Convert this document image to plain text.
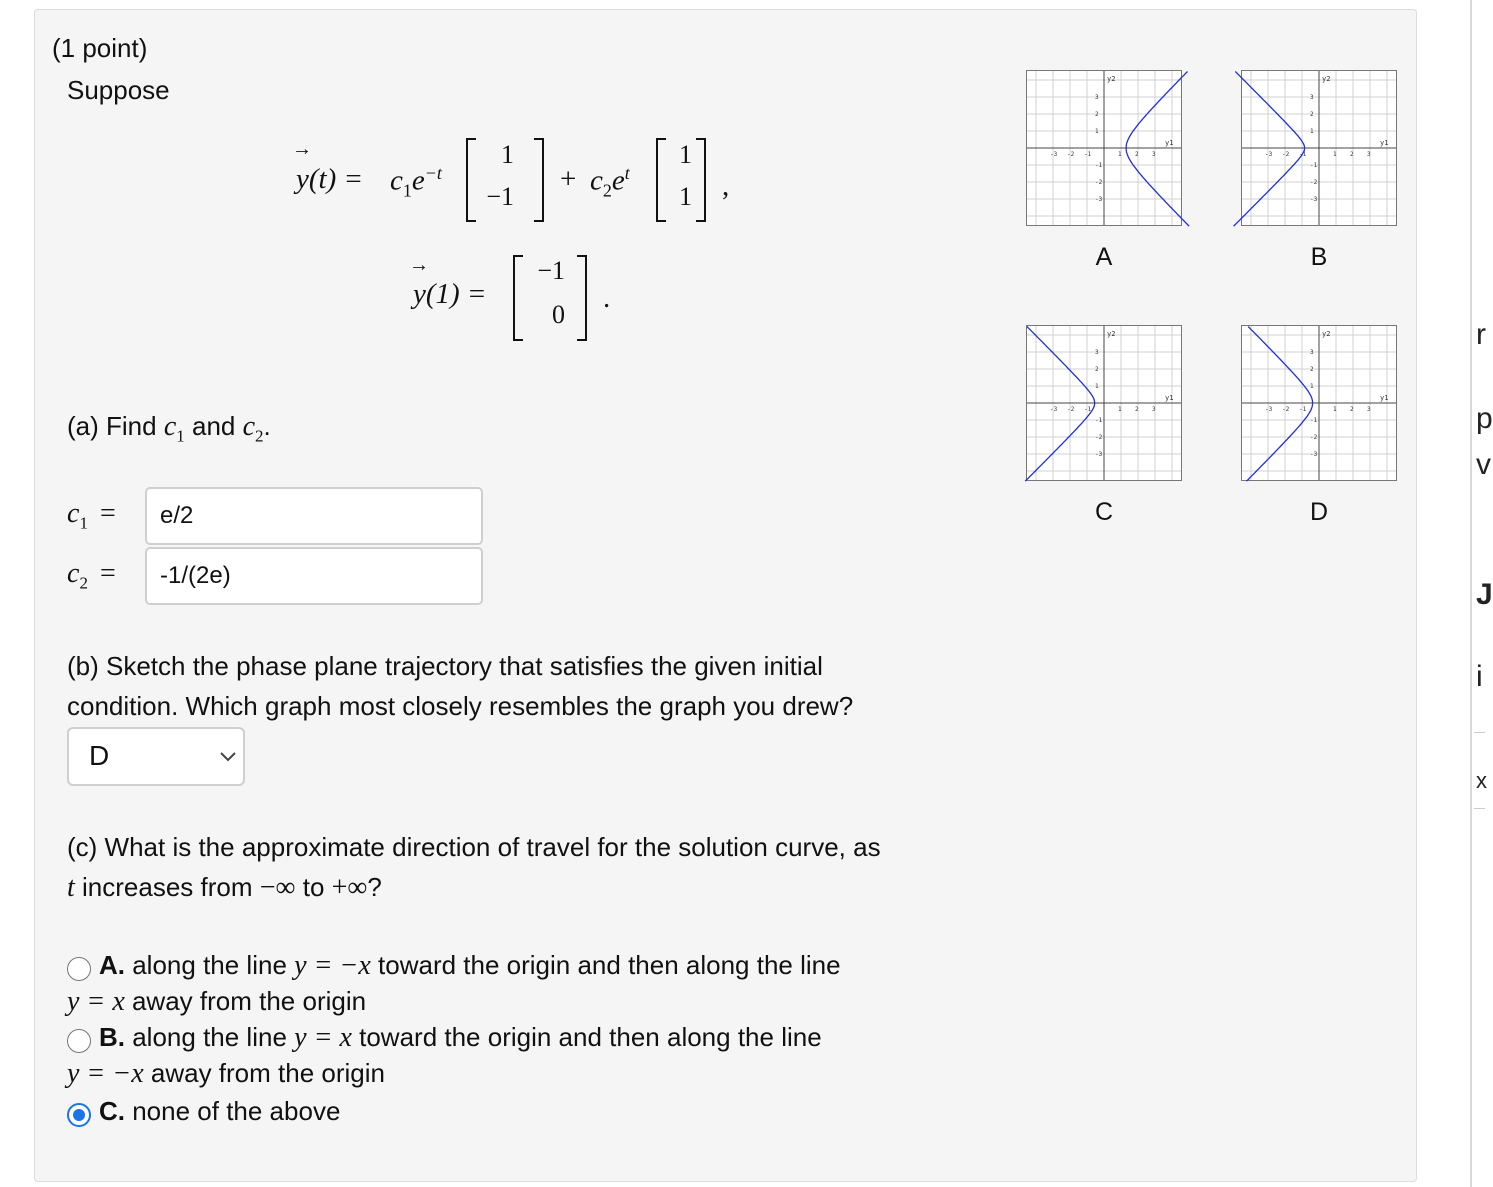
(1 point)
Suppose
→
$y(t) = c_1e^{-t}$
1
−1
+ $c_2e^t$
1
1 ,
→
y(1) =
−1
0
.
(a) Find $c_1$ and $c_2$.
$c_1$ =	e/2
$c_2$ =	-1/(2e)
(b) Sketch the phase plane trajectory that satisfies the given initial
condition. Which graph most closely resembles the graph you drew?
D
(c) What is the approximate direction of travel for the solution curve, as
t increases from −∞ to +∞?
A. along the line y = −x toward the origin and then along the line
y = x away from the origin
B. along the line y = x toward the origin and then along the line
y = −x away from the origin
C. none of the above
-3
-3
-2
-2
-1
-1
1
1
2
2
3
3
y2
y1
A
-3
-3
-2
-2
-1
-1
1
1
2
2
3
3
y2
y1
B
-3
-3
-2
-2
-1
-1
1
1
2
2
3
3
y2
y1
C
-3
-3
-2
-2
-1
-1
1
1
2
2
3
3
y2
y1
D
r
p
v
J
i
x
